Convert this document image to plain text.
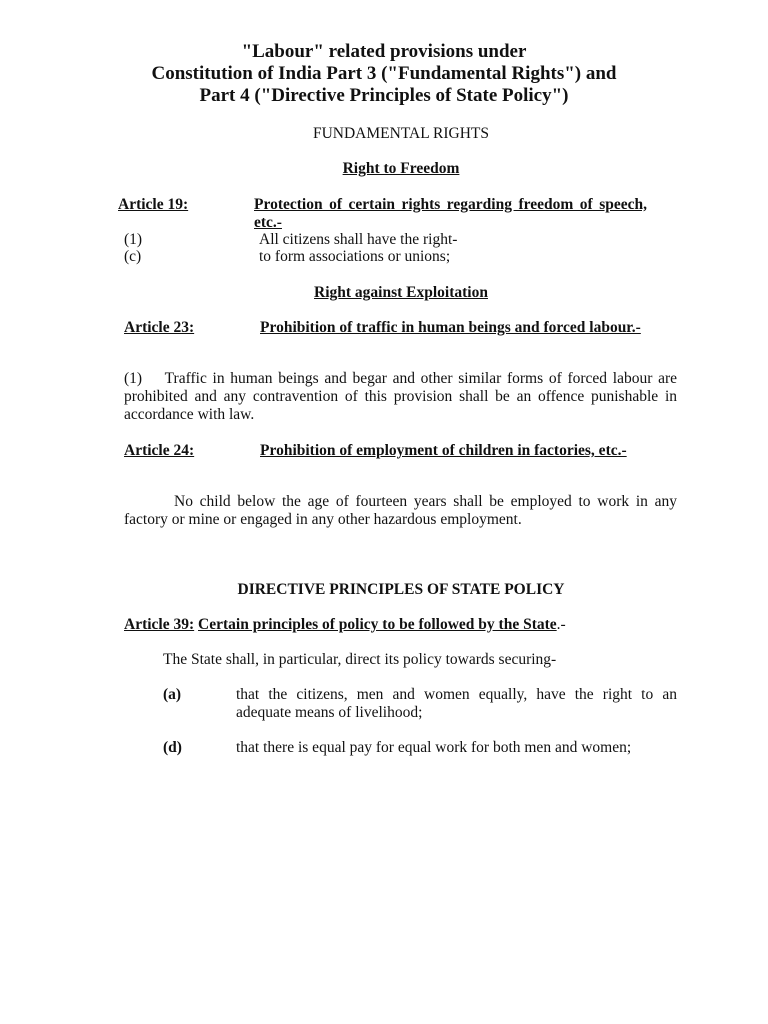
"Labour" related provisions under
Constitution of India Part 3 ("Fundamental Rights") and
Part 4 ("Directive Principles of State Policy")
FUNDAMENTAL RIGHTS
Right to Freedom
Article 19:	Protection of certain rights regarding freedom of speech, etc.-
(1)	All citizens shall have the right-
(c)	to form associations or unions;
Right against Exploitation
Article 23:	Prohibition of traffic in human beings and forced labour.-
(1)    Traffic in human beings and begar and other similar forms of forced labour are prohibited and any contravention of this provision shall be an offence punishable in accordance with law.
Article 24:	Prohibition of employment of children in factories, etc.-
No child below the age of fourteen years shall be employed to work in any factory or mine or engaged in any other hazardous employment.
DIRECTIVE PRINCIPLES OF STATE POLICY
Article 39: Certain principles of policy to be followed by the State.-
The State shall, in particular, direct its policy towards securing-
(a)	that the citizens, men and women equally, have the right to an adequate means of livelihood;
(d)	that there is equal pay for equal work for both men and women;
